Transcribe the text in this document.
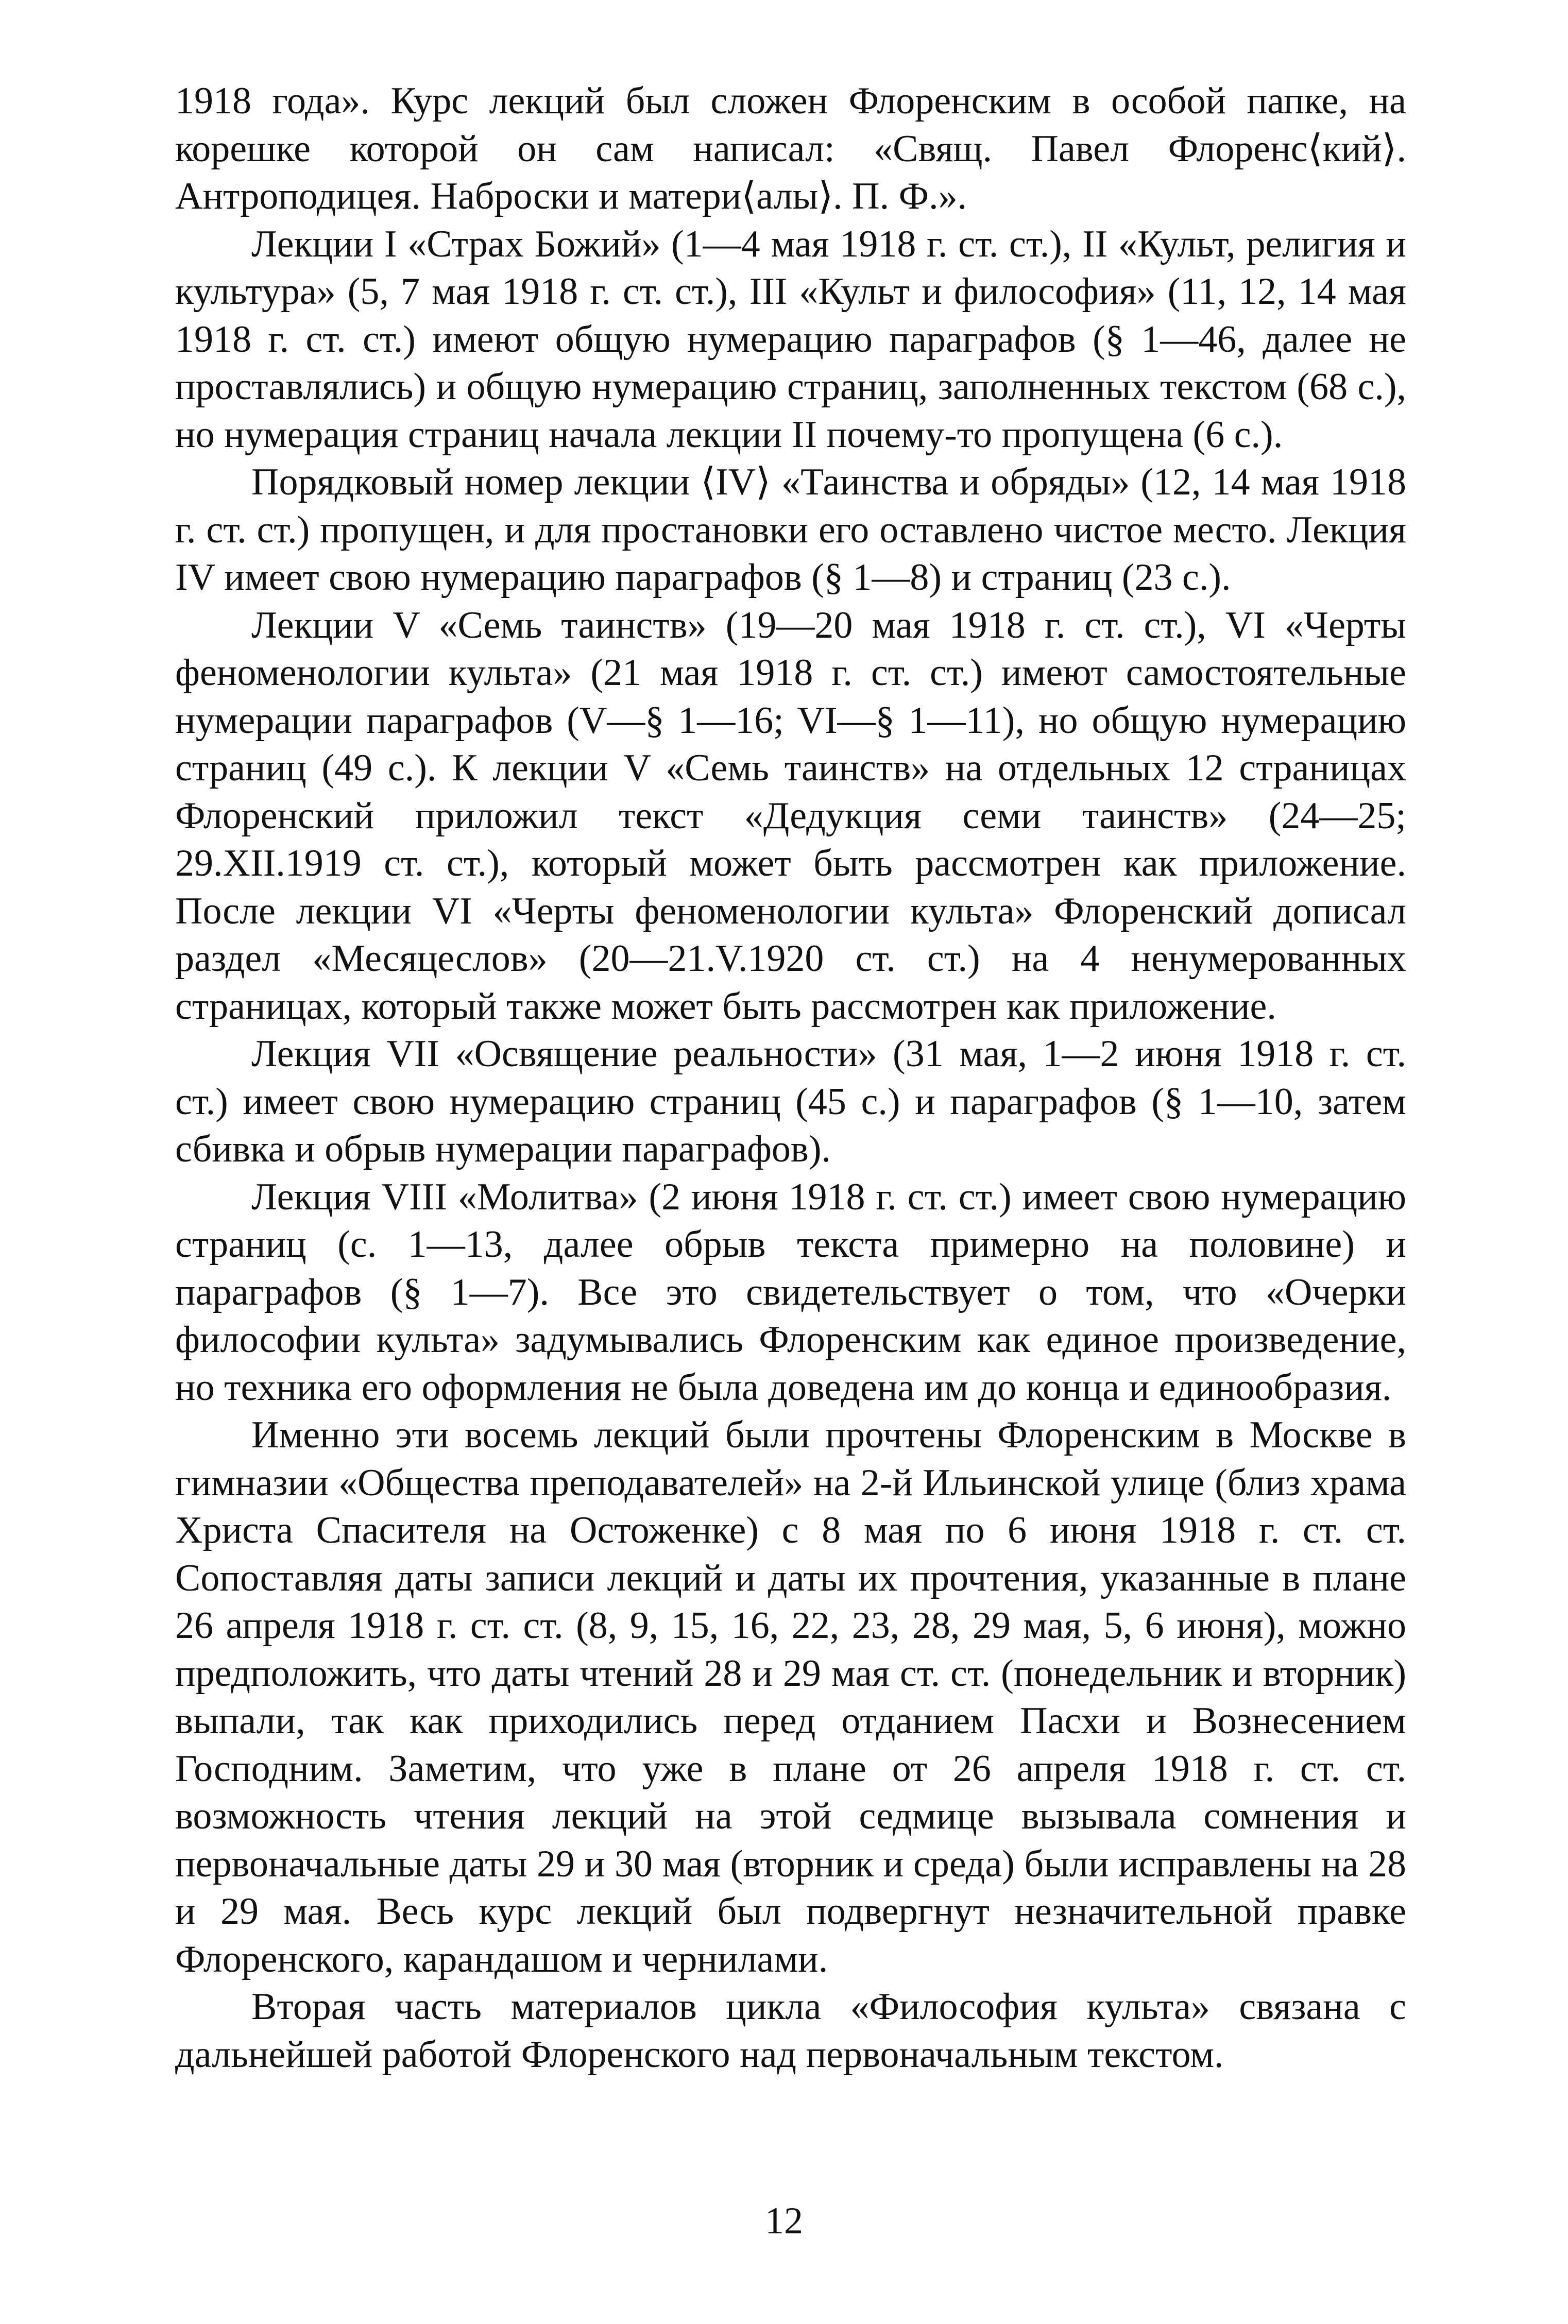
1918 года». Курс лекций был сложен Флоренским в особой папке, на корешке которой он сам написал: «Свящ. Павел Флоренс⟨кий⟩. Антроподицея. Наброски и матери⟨алы⟩. П. Ф.».

Лекции I «Страх Божий» (1—4 мая 1918 г. ст. ст.), II «Культ, религия и культура» (5, 7 мая 1918 г. ст. ст.), III «Культ и философия» (11, 12, 14 мая 1918 г. ст. ст.) имеют общую нумерацию параграфов (§ 1—46, далее не проставлялись) и общую нумерацию страниц, заполненных текстом (68 с.), но нумерация страниц начала лекции II почему-то пропущена (6 с.).

Порядковый номер лекции ⟨IV⟩ «Таинства и обряды» (12, 14 мая 1918 г. ст. ст.) пропущен, и для простановки его оставлено чистое место. Лекция IV имеет свою нумерацию параграфов (§ 1—8) и страниц (23 с.).

Лекции V «Семь таинств» (19—20 мая 1918 г. ст. ст.), VI «Черты феноменологии культа» (21 мая 1918 г. ст. ст.) имеют самостоятельные нумерации параграфов (V—§ 1—16; VI—§ 1—11), но общую нумерацию страниц (49 с.). К лекции V «Семь таинств» на отдельных 12 страницах Флоренский приложил текст «Дедукция семи таинств» (24—25; 29.XII.1919 ст. ст.), который может быть рассмотрен как приложение. После лекции VI «Черты феноменологии культа» Флоренский дописал раздел «Месяцеслов» (20—21.V.1920 ст. ст.) на 4 ненумерованных страницах, который также может быть рассмотрен как приложение.

Лекция VII «Освящение реальности» (31 мая, 1—2 июня 1918 г. ст. ст.) имеет свою нумерацию страниц (45 с.) и параграфов (§ 1—10, затем сбивка и обрыв нумерации параграфов).

Лекция VIII «Молитва» (2 июня 1918 г. ст. ст.) имеет свою нумерацию страниц (с. 1—13, далее обрыв текста примерно на половине) и параграфов (§ 1—7). Все это свидетельствует о том, что «Очерки философии культа» задумывались Флоренским как единое произведение, но техника его оформления не была доведена им до конца и единообразия.

Именно эти восемь лекций были прочтены Флоренским в Москве в гимназии «Общества преподавателей» на 2-й Ильинской улице (близ храма Христа Спасителя на Остоженке) с 8 мая по 6 июня 1918 г. ст. ст. Сопоставляя даты записи лекций и даты их прочтения, указанные в плане 26 апреля 1918 г. ст. ст. (8, 9, 15, 16, 22, 23, 28, 29 мая, 5, 6 июня), можно предположить, что даты чтений 28 и 29 мая ст. ст. (понедельник и вторник) выпали, так как приходились перед отданием Пасхи и Вознесением Господним. Заметим, что уже в плане от 26 апреля 1918 г. ст. ст. возможность чтения лекций на этой седмице вызывала сомнения и первоначальные даты 29 и 30 мая (вторник и среда) были исправлены на 28 и 29 мая. Весь курс лекций был подвергнут незначительной правке Флоренского, карандашом и чернилами.

Вторая часть материалов цикла «Философия культа» связана с дальнейшей работой Флоренского над первоначальным текстом.

12
